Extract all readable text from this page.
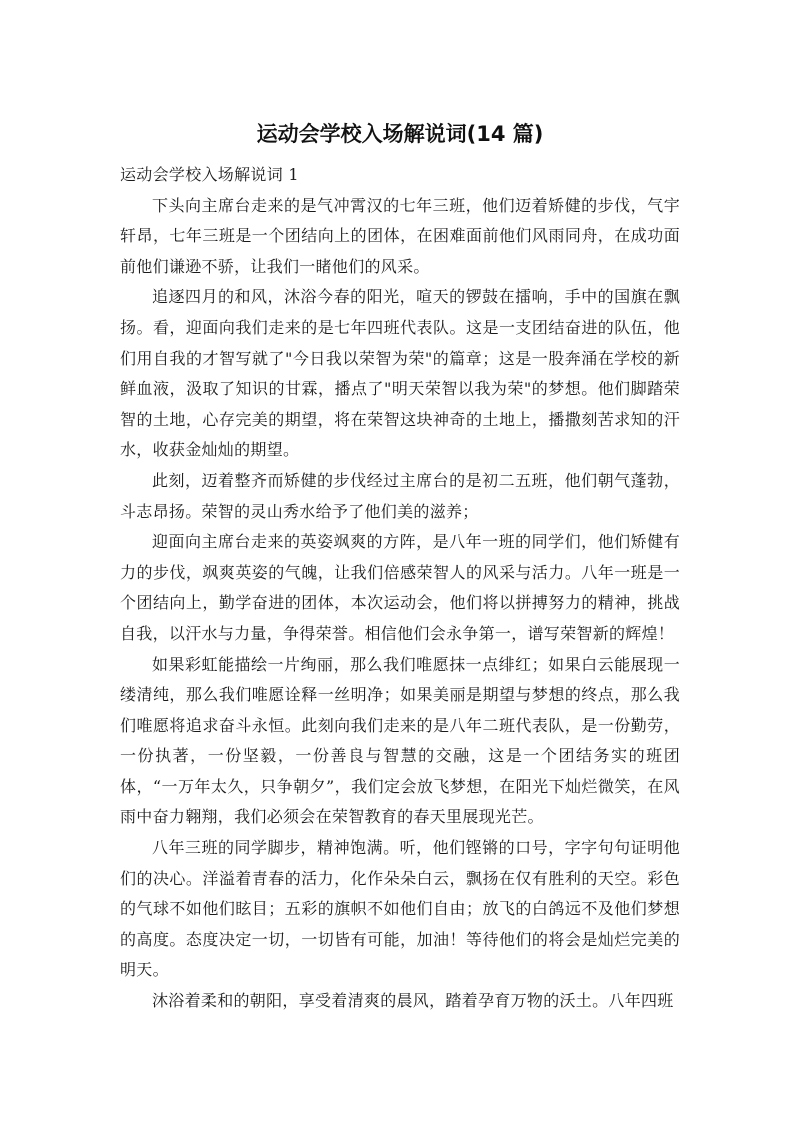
运动会学校入场解说词(14 篇)

运动会学校入场解说词 1

下头向主席台走来的是气冲霄汉的七年三班，他们迈着矫健的步伐，气宇轩昂，七年三班是一个团结向上的团体，在困难面前他们风雨同舟，在成功面前他们谦逊不骄，让我们一睹他们的风采。

追逐四月的和风，沐浴今春的阳光，喧天的锣鼓在擂响，手中的国旗在飘扬。看，迎面向我们走来的是七年四班代表队。这是一支团结奋进的队伍，他们用自我的才智写就了"今日我以荣智为荣"的篇章；这是一股奔涌在学校的新鲜血液，汲取了知识的甘霖，播点了"明天荣智以我为荣"的梦想。他们脚踏荣智的土地，心存完美的期望，将在荣智这块神奇的土地上，播撒刻苦求知的汗水，收获金灿灿的期望。

此刻，迈着整齐而矫健的步伐经过主席台的是初二五班，他们朝气蓬勃，斗志昂扬。荣智的灵山秀水给予了他们美的滋养；

迎面向主席台走来的英姿飒爽的方阵，是八年一班的同学们，他们矫健有力的步伐，飒爽英姿的气魄，让我们倍感荣智人的风采与活力。八年一班是一个团结向上，勤学奋进的团体，本次运动会，他们将以拼搏努力的精神，挑战自我，以汗水与力量，争得荣誉。相信他们会永争第一，谱写荣智新的辉煌！

如果彩虹能描绘一片绚丽，那么我们唯愿抹一点绯红；如果白云能展现一缕清纯，那么我们唯愿诠释一丝明净；如果美丽是期望与梦想的终点，那么我们唯愿将追求奋斗永恒。此刻向我们走来的是八年二班代表队，是一份勤劳，一份执著，一份坚毅，一份善良与智慧的交融，这是一个团结务实的班团体，“一万年太久，只争朝夕”，我们定会放飞梦想，在阳光下灿烂微笑，在风雨中奋力翱翔，我们必须会在荣智教育的春天里展现光芒。

八年三班的同学脚步，精神饱满。听，他们铿锵的口号，字字句句证明他们的决心。洋溢着青春的活力，化作朵朵白云，飘扬在仅有胜利的天空。彩色的气球不如他们眩目；五彩的旗帜不如他们自由；放飞的白鸽远不及他们梦想的高度。态度决定一切，一切皆有可能，加油！等待他们的将会是灿烂完美的明天。

沐浴着柔和的朝阳，享受着清爽的晨风，踏着孕育万物的沃土。八年四班
